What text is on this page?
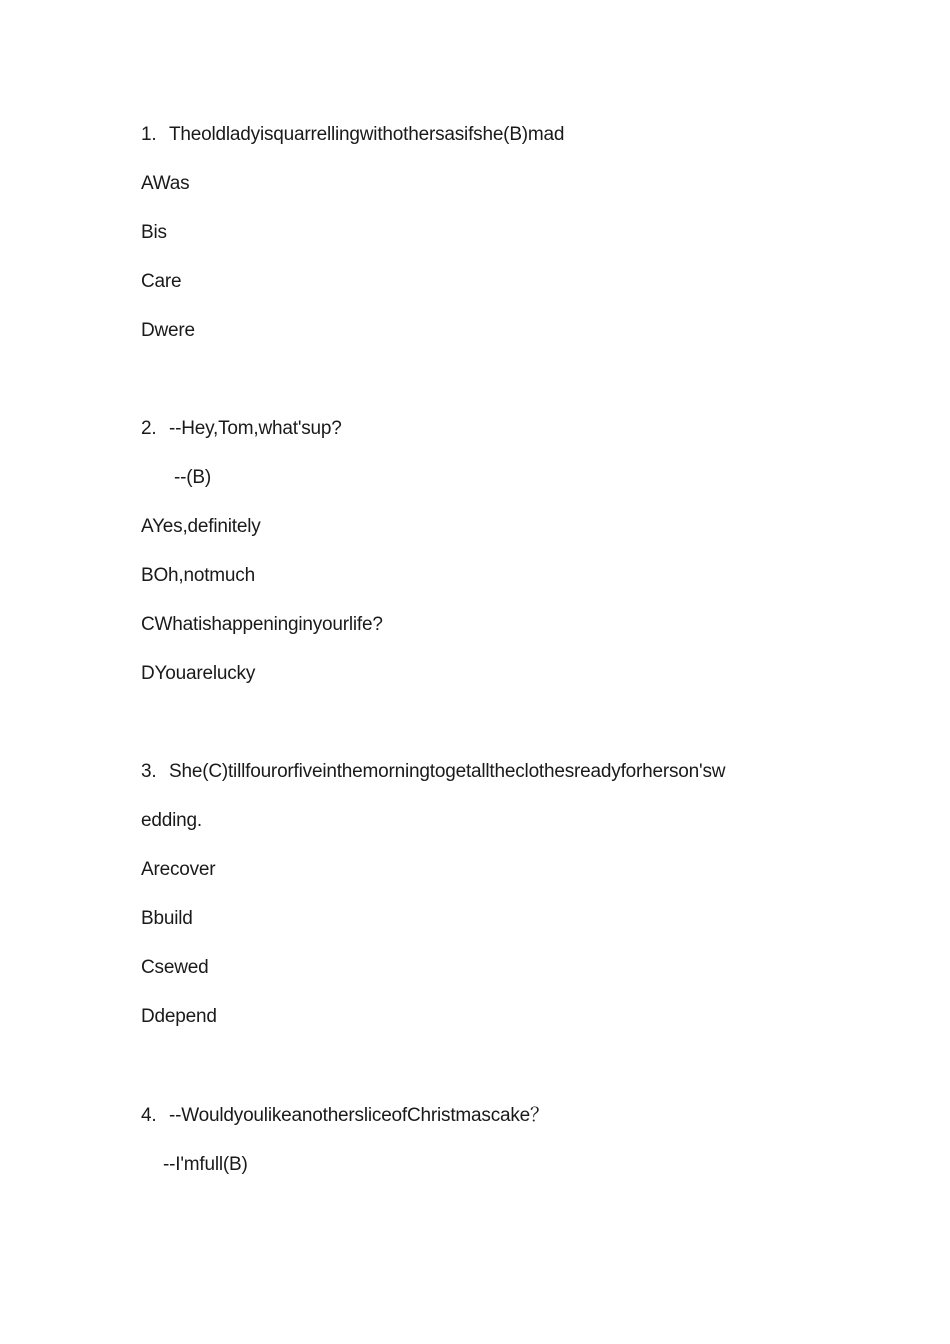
1. Theoldladyisquarrellingwithothersasifshe(B)mad
AWas
Bis
Care
Dwere
2. --Hey,Tom,what'sup?
--(B)
AYes,definitely
BOh,notmuch
CWhatishappeninginyourlife?
DYouarelucky
3. She(C)tillfourorfiveinthemorningtogetalltheclothesreadyforherson'sw
edding.
Arecover
Bbuild
Csewed
Ddepend
4. --WouldyoulikeanothersliceofChristmascake？
--I'mfull(B)
